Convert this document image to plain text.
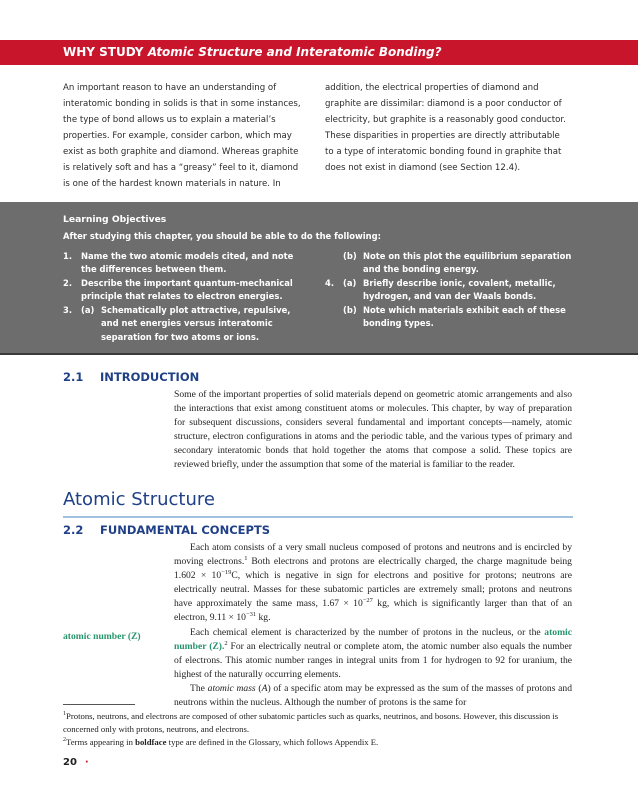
WHY STUDY Atomic Structure and Interatomic Bonding?
An important reason to have an understanding of interatomic bonding in solids is that in some instances, the type of bond allows us to explain a material’s properties. For example, consider carbon, which may exist as both graphite and diamond. Whereas graphite is relatively soft and has a “greasy” feel to it, diamond is one of the hardest known materials in nature. In
addition, the electrical properties of diamond and graphite are dissimilar: diamond is a poor conductor of electricity, but graphite is a reasonably good conductor. These disparities in properties are directly attributable to a type of interatomic bonding found in graphite that does not exist in diamond (see Section 12.4).
Learning Objectives
After studying this chapter, you should be able to do the following:
1. Name the two atomic models cited, and note the differences between them.
2. Describe the important quantum-mechanical principle that relates to electron energies.
3. (a) Schematically plot attractive, repulsive, and net energies versus interatomic separation for two atoms or ions.
(b) Note on this plot the equilibrium separation and the bonding energy.
4. (a) Briefly describe ionic, covalent, metallic, hydrogen, and van der Waals bonds.
(b) Note which materials exhibit each of these bonding types.
2.1 INTRODUCTION

Some of the important properties of solid materials depend on geometric atomic arrangements and also the interactions that exist among constituent atoms or molecules. This chapter, by way of preparation for subsequent discussions, considers several fundamental and important concepts—namely, atomic structure, electron configurations in atoms and the periodic table, and the various types of primary and secondary interatomic bonds that hold together the atoms that compose a solid. These topics are reviewed briefly, under the assumption that some of the material is familiar to the reader.

Atomic Structure
2.2 FUNDAMENTAL CONCEPTS
atomic number (Z)

Each atom consists of a very small nucleus composed of protons and neutrons and is encircled by moving electrons.$^1$ Both electrons and protons are electrically charged, the charge magnitude being $1.602 \times 10^{-19}C$, which is negative in sign for electrons and positive for protons; neutrons are electrically neutral. Masses for these subatomic particles are extremely small; protons and neutrons have approximately the same mass, $1.67 \times 10^{-27}$ kg, which is significantly larger than that of an electron, $9.11 \times 10^{-31}$ kg.

Each chemical element is characterized by the number of protons in the nucleus, or the atomic number (Z).$^2$ For an electrically neutral or complete atom, the atomic number also equals the number of electrons. This atomic number ranges in integral units from 1 for hydrogen to 92 for uranium, the highest of the naturally occurring elements.

The atomic mass (A) of a specific atom may be expressed as the sum of the masses of protons and neutrons within the nucleus. Although the number of protons is the same for

$^1$Protons, neutrons, and electrons are composed of other subatomic particles such as quarks, neutrinos, and bosons. However, this discussion is concerned only with protons, neutrons, and electrons.
$^2$Terms appearing in boldface type are defined in the Glossary, which follows Appendix E.
20 ·
